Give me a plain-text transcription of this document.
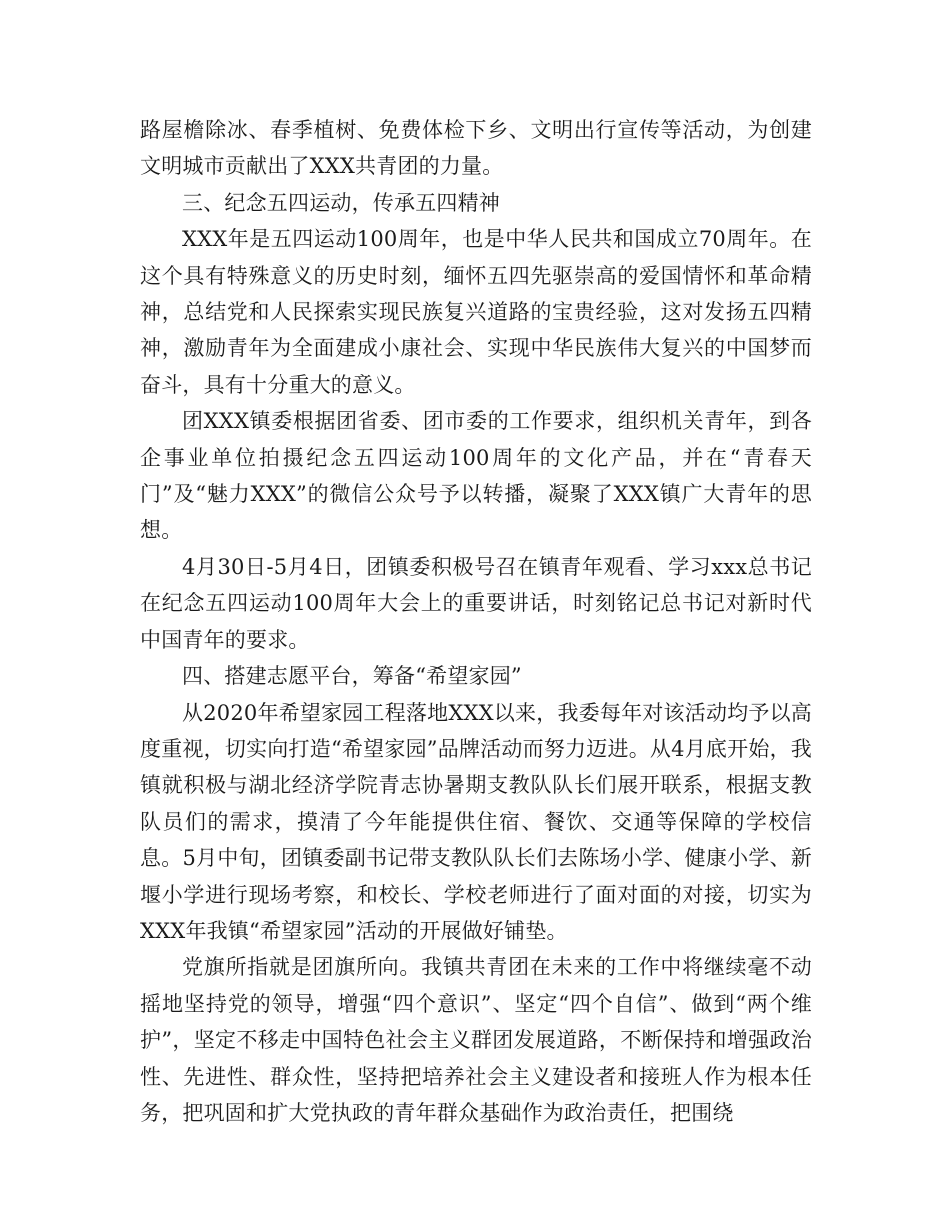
路屋檐除冰、春季植树、免费体检下乡、文明出行宣传等活动，为创建文明城市贡献出了XXX共青团的力量。

三、纪念五四运动，传承五四精神

XXX年是五四运动100周年，也是中华人民共和国成立70周年。在这个具有特殊意义的历史时刻，缅怀五四先驱崇高的爱国情怀和革命精神，总结党和人民探索实现民族复兴道路的宝贵经验，这对发扬五四精神，激励青年为全面建成小康社会、实现中华民族伟大复兴的中国梦而奋斗，具有十分重大的意义。

团XXX镇委根据团省委、团市委的工作要求，组织机关青年，到各企事业单位拍摄纪念五四运动100周年的文化产品，并在“青春天门”及“魅力XXX”的微信公众号予以转播，凝聚了XXX镇广大青年的思想。

4月30日-5月4日，团镇委积极号召在镇青年观看、学习xxx总书记在纪念五四运动100周年大会上的重要讲话，时刻铭记总书记对新时代中国青年的要求。

四、搭建志愿平台，筹备“希望家园”

从2020年希望家园工程落地XXX以来，我委每年对该活动均予以高度重视，切实向打造“希望家园”品牌活动而努力迈进。从4月底开始，我镇就积极与湖北经济学院青志协暑期支教队队长们展开联系，根据支教队员们的需求，摸清了今年能提供住宿、餐饮、交通等保障的学校信息。5月中旬，团镇委副书记带支教队队长们去陈场小学、健康小学、新堰小学进行现场考察，和校长、学校老师进行了面对面的对接，切实为XXX年我镇“希望家园”活动的开展做好铺垫。

党旗所指就是团旗所向。我镇共青团在未来的工作中将继续毫不动摇地坚持党的领导，增强“四个意识”、坚定“四个自信”、做到“两个维护”，坚定不移走中国特色社会主义群团发展道路，不断保持和增强政治性、先进性、群众性，坚持把培养社会主义建设者和接班人作为根本任务，把巩固和扩大党执政的青年群众基础作为政治责任，把围绕
